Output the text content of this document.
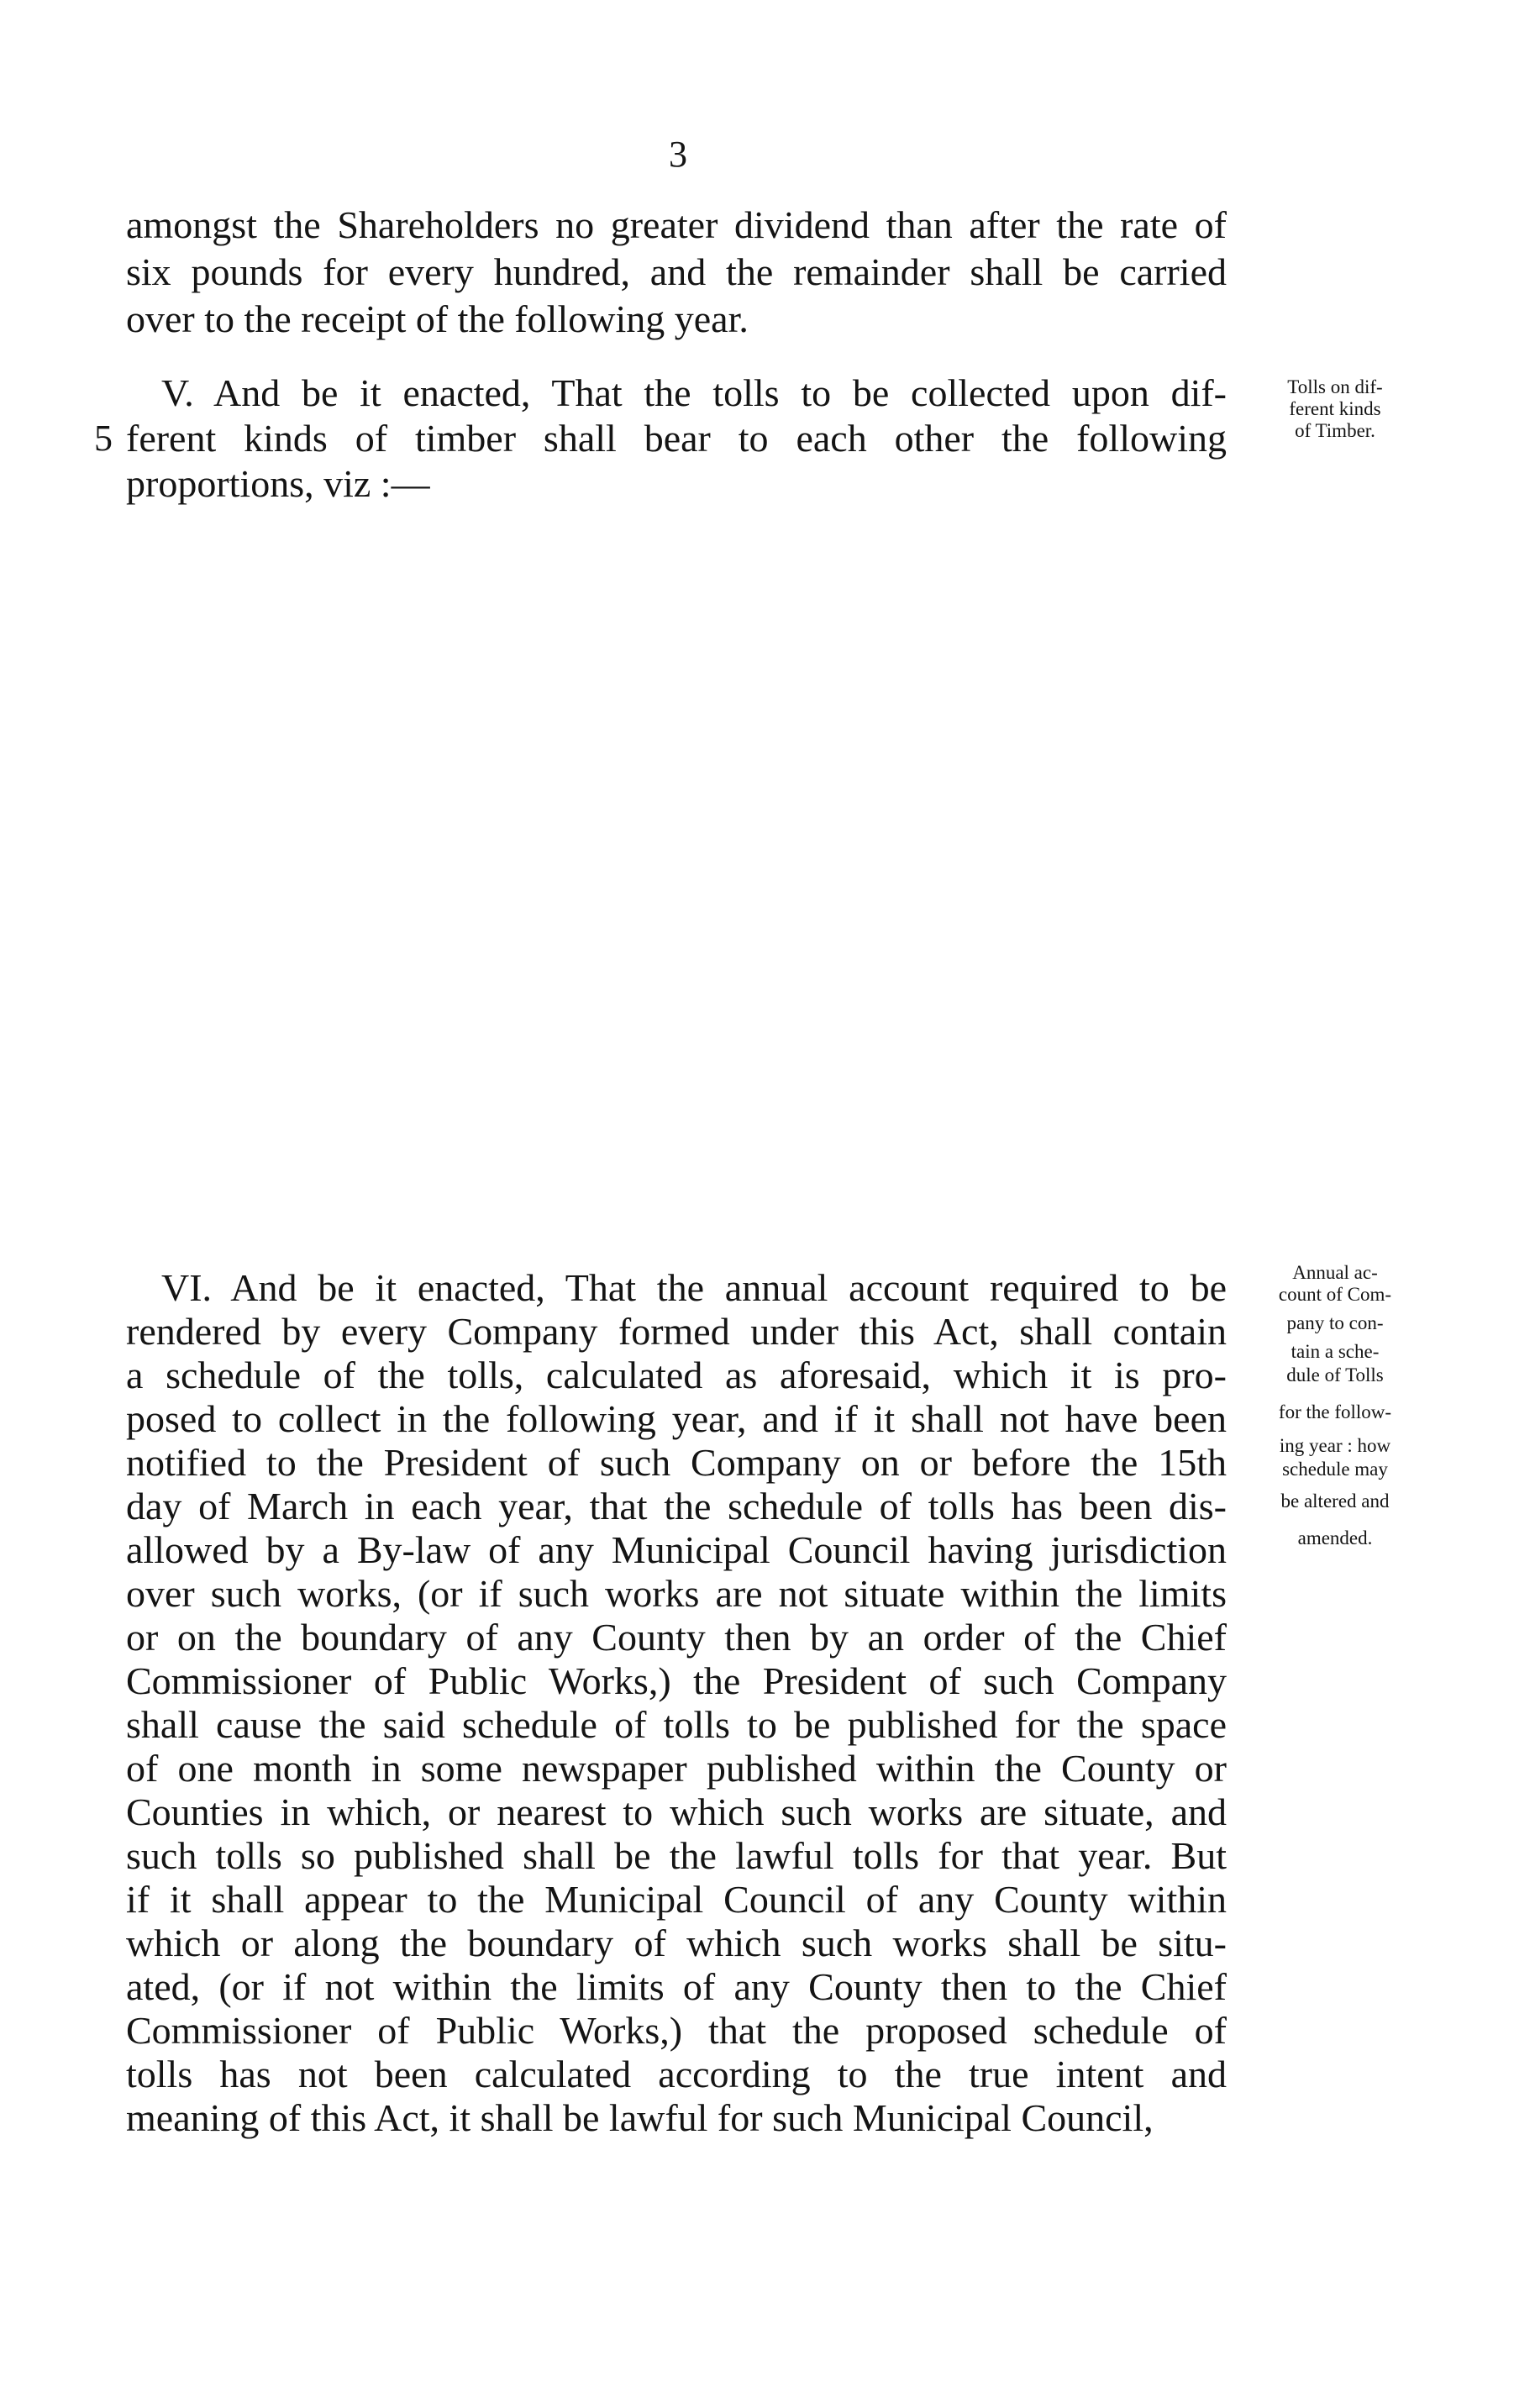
3
amongst the Shareholders no greater dividend than after the rate of
six pounds for every hundred, and the remainder shall be carried
over to the receipt of the following year.
V. And be it enacted, That the tolls to be collected upon dif-
5 ferent kinds of timber shall bear to each other the following
proportions, viz :—
Tolls on dif-
ferent kinds
of Timber.
VI. And be it enacted, That the annual account required to be
rendered by every Company formed under this Act, shall contain
a schedule of the tolls, calculated as aforesaid, which it is pro-
posed to collect in the following year, and if it shall not have been
notified to the President of such Company on or before the 15th
day of March in each year, that the schedule of tolls has been dis-
allowed by a By-law of any Municipal Council having jurisdiction
over such works, (or if such works are not situate within the limits
or on the boundary of any County then by an order of the Chief
Commissioner of Public Works,) the President of such Company
shall cause the said schedule of tolls to be published for the space
of one month in some newspaper published within the County or
Counties in which, or nearest to which such works are situate, and
such tolls so published shall be the lawful tolls for that year. But
if it shall appear to the Municipal Council of any County within
which or along the boundary of which such works shall be situ-
ated, (or if not within the limits of any County then to the Chief
Commissioner of Public Works,) that the proposed schedule of
tolls has not been calculated according to the true intent and
meaning of this Act, it shall be lawful for such Municipal Council,
Annual ac-
count of Com-
pany to con-
tain a sche-
dule of Tolls
for the follow-
ing year : how
schedule may
be altered and
amended.
